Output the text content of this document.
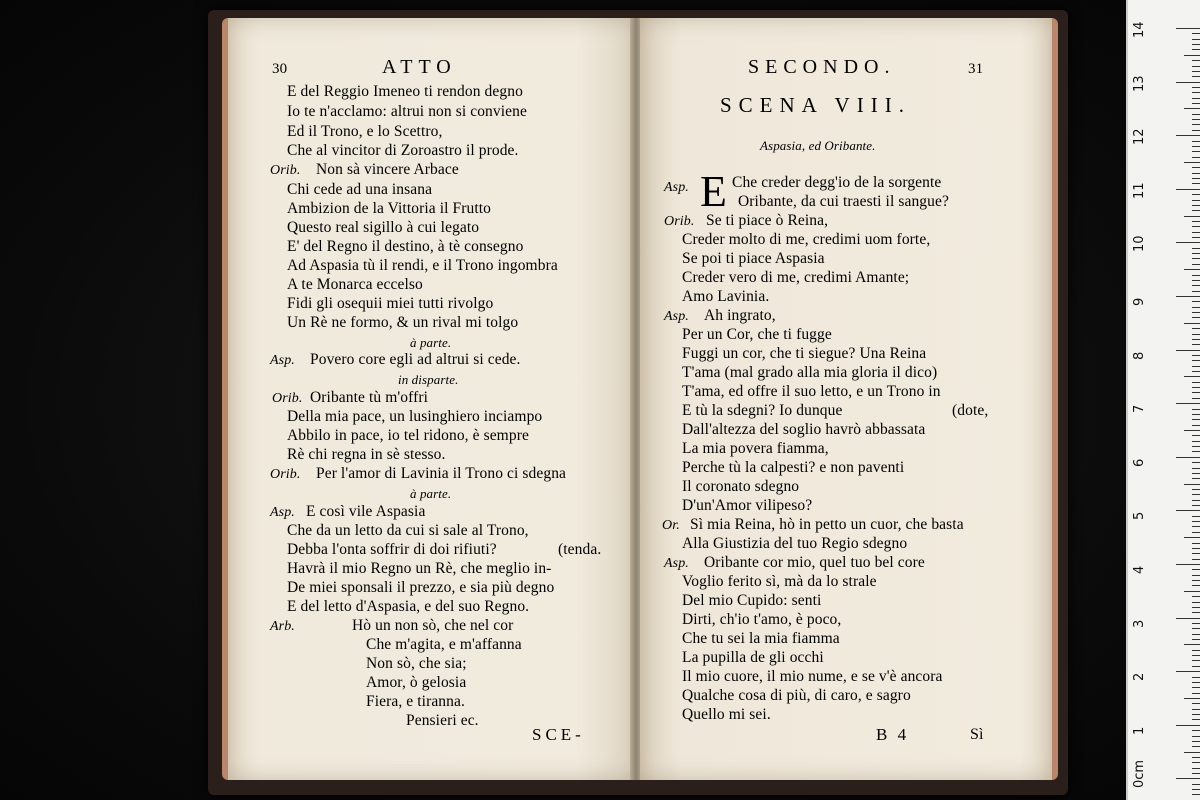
30	ATTO
E del Reggio Imeneo ti rendon degno
Io te n'acclamo: altrui non si conviene
Ed il Trono, e lo Scettro,
Che al vincitor di Zoroastro il prode.
Orib. Non sà vincere Arbace
Chi cede ad una insana
Ambizion de la Vittoria il Frutto
Questo real sigillo à cui legato
E' del Regno il destino, à tè consegno
Ad Aspasia tù il rendi, e il Trono ingombra
A te Monarca eccelso
Fidi gli osequii miei tutti rivolgo
Un Rè ne formo, & un rival mi tolgo
à parte.
Asp. Povero core egli ad altrui si cede.
in disparte.
Orib. Oribante tù m'offri
Della mia pace, un lusinghiero inciampo
Abbilo in pace, io tel ridono, è sempre
Rè chi regna in sè stesso.
Orib. Per l'amor di Lavinia il Trono ci sdegna
à parte.
Asp. E così vile Aspasia
Che da un letto da cui si sale al Trono,
Debba l'onta soffrir di doi rifiuti?	(tenda.
Havrà il mio Regno un Rè, che meglio in-
De miei sponsali il prezzo, e sia più degno
E del letto d'Aspasia, e del suo Regno.
Arb.	Hò un non sò, che nel cor
Che m'agita, e m'affanna
Non sò, che sia;
Amor, ò gelosia
Fiera, e tiranna.
Pensieri ec.
SCE-
SECONDO.	31
SCENA VIII.
Aspasia, ed Oribante.
Asp. E Che creder degg'io de la sorgente
Oribante, da cui traesti il sangue?
Orib. Se ti piace ò Reina,
Creder molto di me, credimi uom forte,
Se poi ti piace Aspasia
Creder vero di me, credimi Amante;
Amo Lavinia.
Asp. Ah ingrato,
Per un Cor, che ti fugge
Fuggi un cor, che ti siegue? Una Reina
T'ama (mal grado alla mia gloria il dico)
T'ama, ed offre il suo letto, e un Trono in
E tù la sdegni? Io dunque	(dote,
Dall'altezza del soglio havrò abbassata
La mia povera fiamma,
Perche tù la calpesti? e non paventi
Il coronato sdegno
D'un'Amor vilipeso?
Or. Sì mia Reina, hò in petto un cuor, che basta
Alla Giustizia del tuo Regio sdegno
Asp. Oribante cor mio, quel tuo bel core
Voglio ferito sì, mà da lo strale
Del mio Cupido: senti
Dirti, ch'io t'amo, è poco,
Che tu sei la mia fiamma
La pupilla de gli occhi
Il mio cuore, il mio nume, e se v'è ancora
Qualche cosa di più, di caro, e sagro
Quello mi sei.
B 4	Sì
14
13
12
11
10
9
8
7
6
5
4
3
2
1
0cm
